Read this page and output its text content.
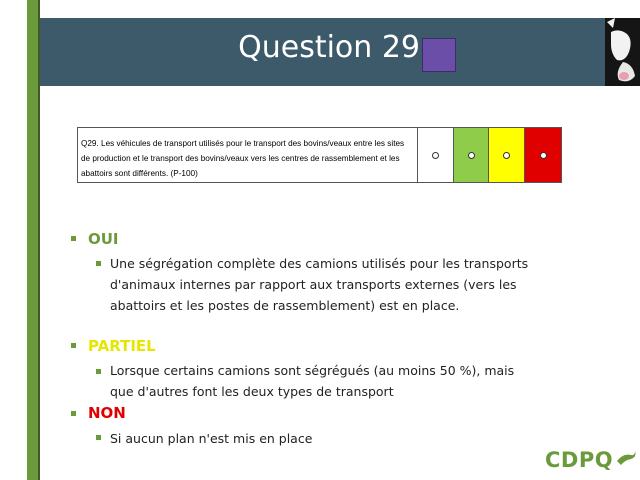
Question 29
Q29. Les véhicules de transport utilisés pour le transport des bovins/veaux entre les sites de production et le transport des bovins/veaux vers les centres de rassemblement et les abattoirs sont différents. (P-100)
OUI
Une ségrégation complète des camions utilisés pour les transports d'animaux internes par rapport aux transports externes (vers les abattoirs et les postes de rassemblement) est en place.
PARTIEL
Lorsque certains camions sont ségrégués (au moins 50 %), mais que d'autres font les deux types de transport
NON
Si aucun plan n'est mis en place
CDPQ
